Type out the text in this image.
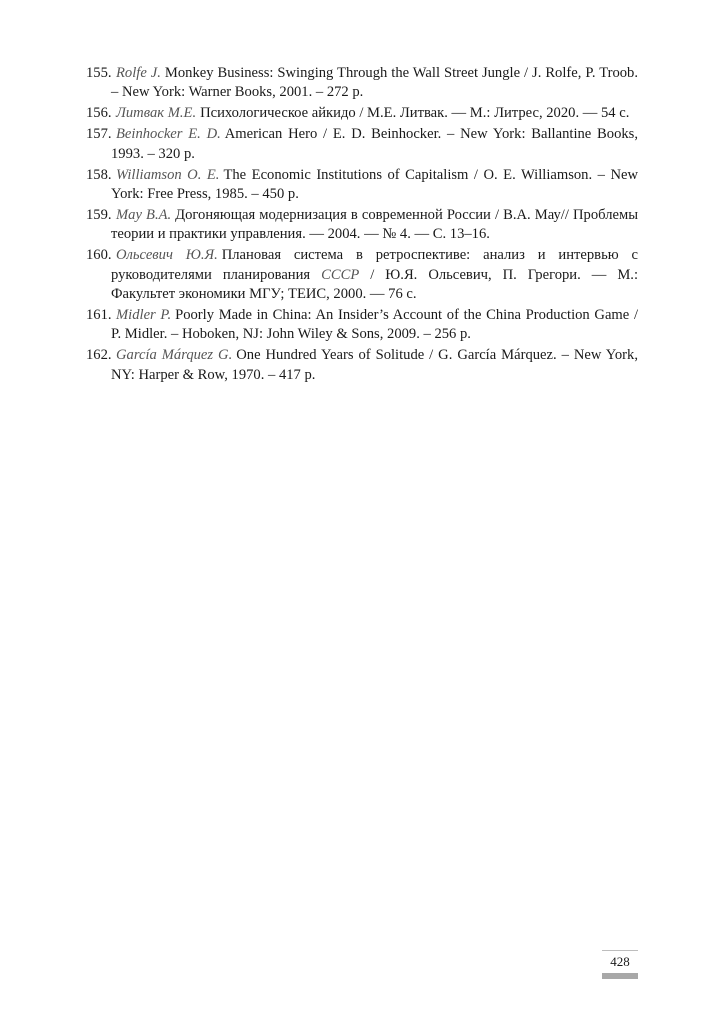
155. Rolfe J. Monkey Business: Swinging Through the Wall Street Jungle / J. Rolfe, P. Troob. – New York: Warner Books, 2001. – 272 p.
156. Литвак М.Е. Психологическое айкидо / М.Е. Литвак. — М.: Литрес, 2020. — 54 с.
157. Beinhocker E. D. American Hero / E. D. Beinhocker. – New York: Ballantine Books, 1993. – 320 p.
158. Williamson O. E. The Economic Institutions of Capitalism / O. E. Williamson. – New York: Free Press, 1985. – 450 p.
159. May B.A. Догоняющая модернизация в современной России / В.А. Мау// Проблемы теории и практики управления. — 2004. — № 4. — С. 13–16.
160. Ольсевич Ю.Я. Плановая система в ретроспективе: анализ и интервью с руководителями планирования СССР / Ю.Я. Ольсевич, П. Грегори. — М.: Факультет экономики МГУ; ТЕИС, 2000. — 76 с.
161. Midler P. Poorly Made in China: An Insider’s Account of the China Production Game / P. Midler. – Hoboken, NJ: John Wiley & Sons, 2009. – 256 p.
162. García Márquez G. One Hundred Years of Solitude / G. García Márquez. – New York, NY: Harper & Row, 1970. – 417 p.
428
